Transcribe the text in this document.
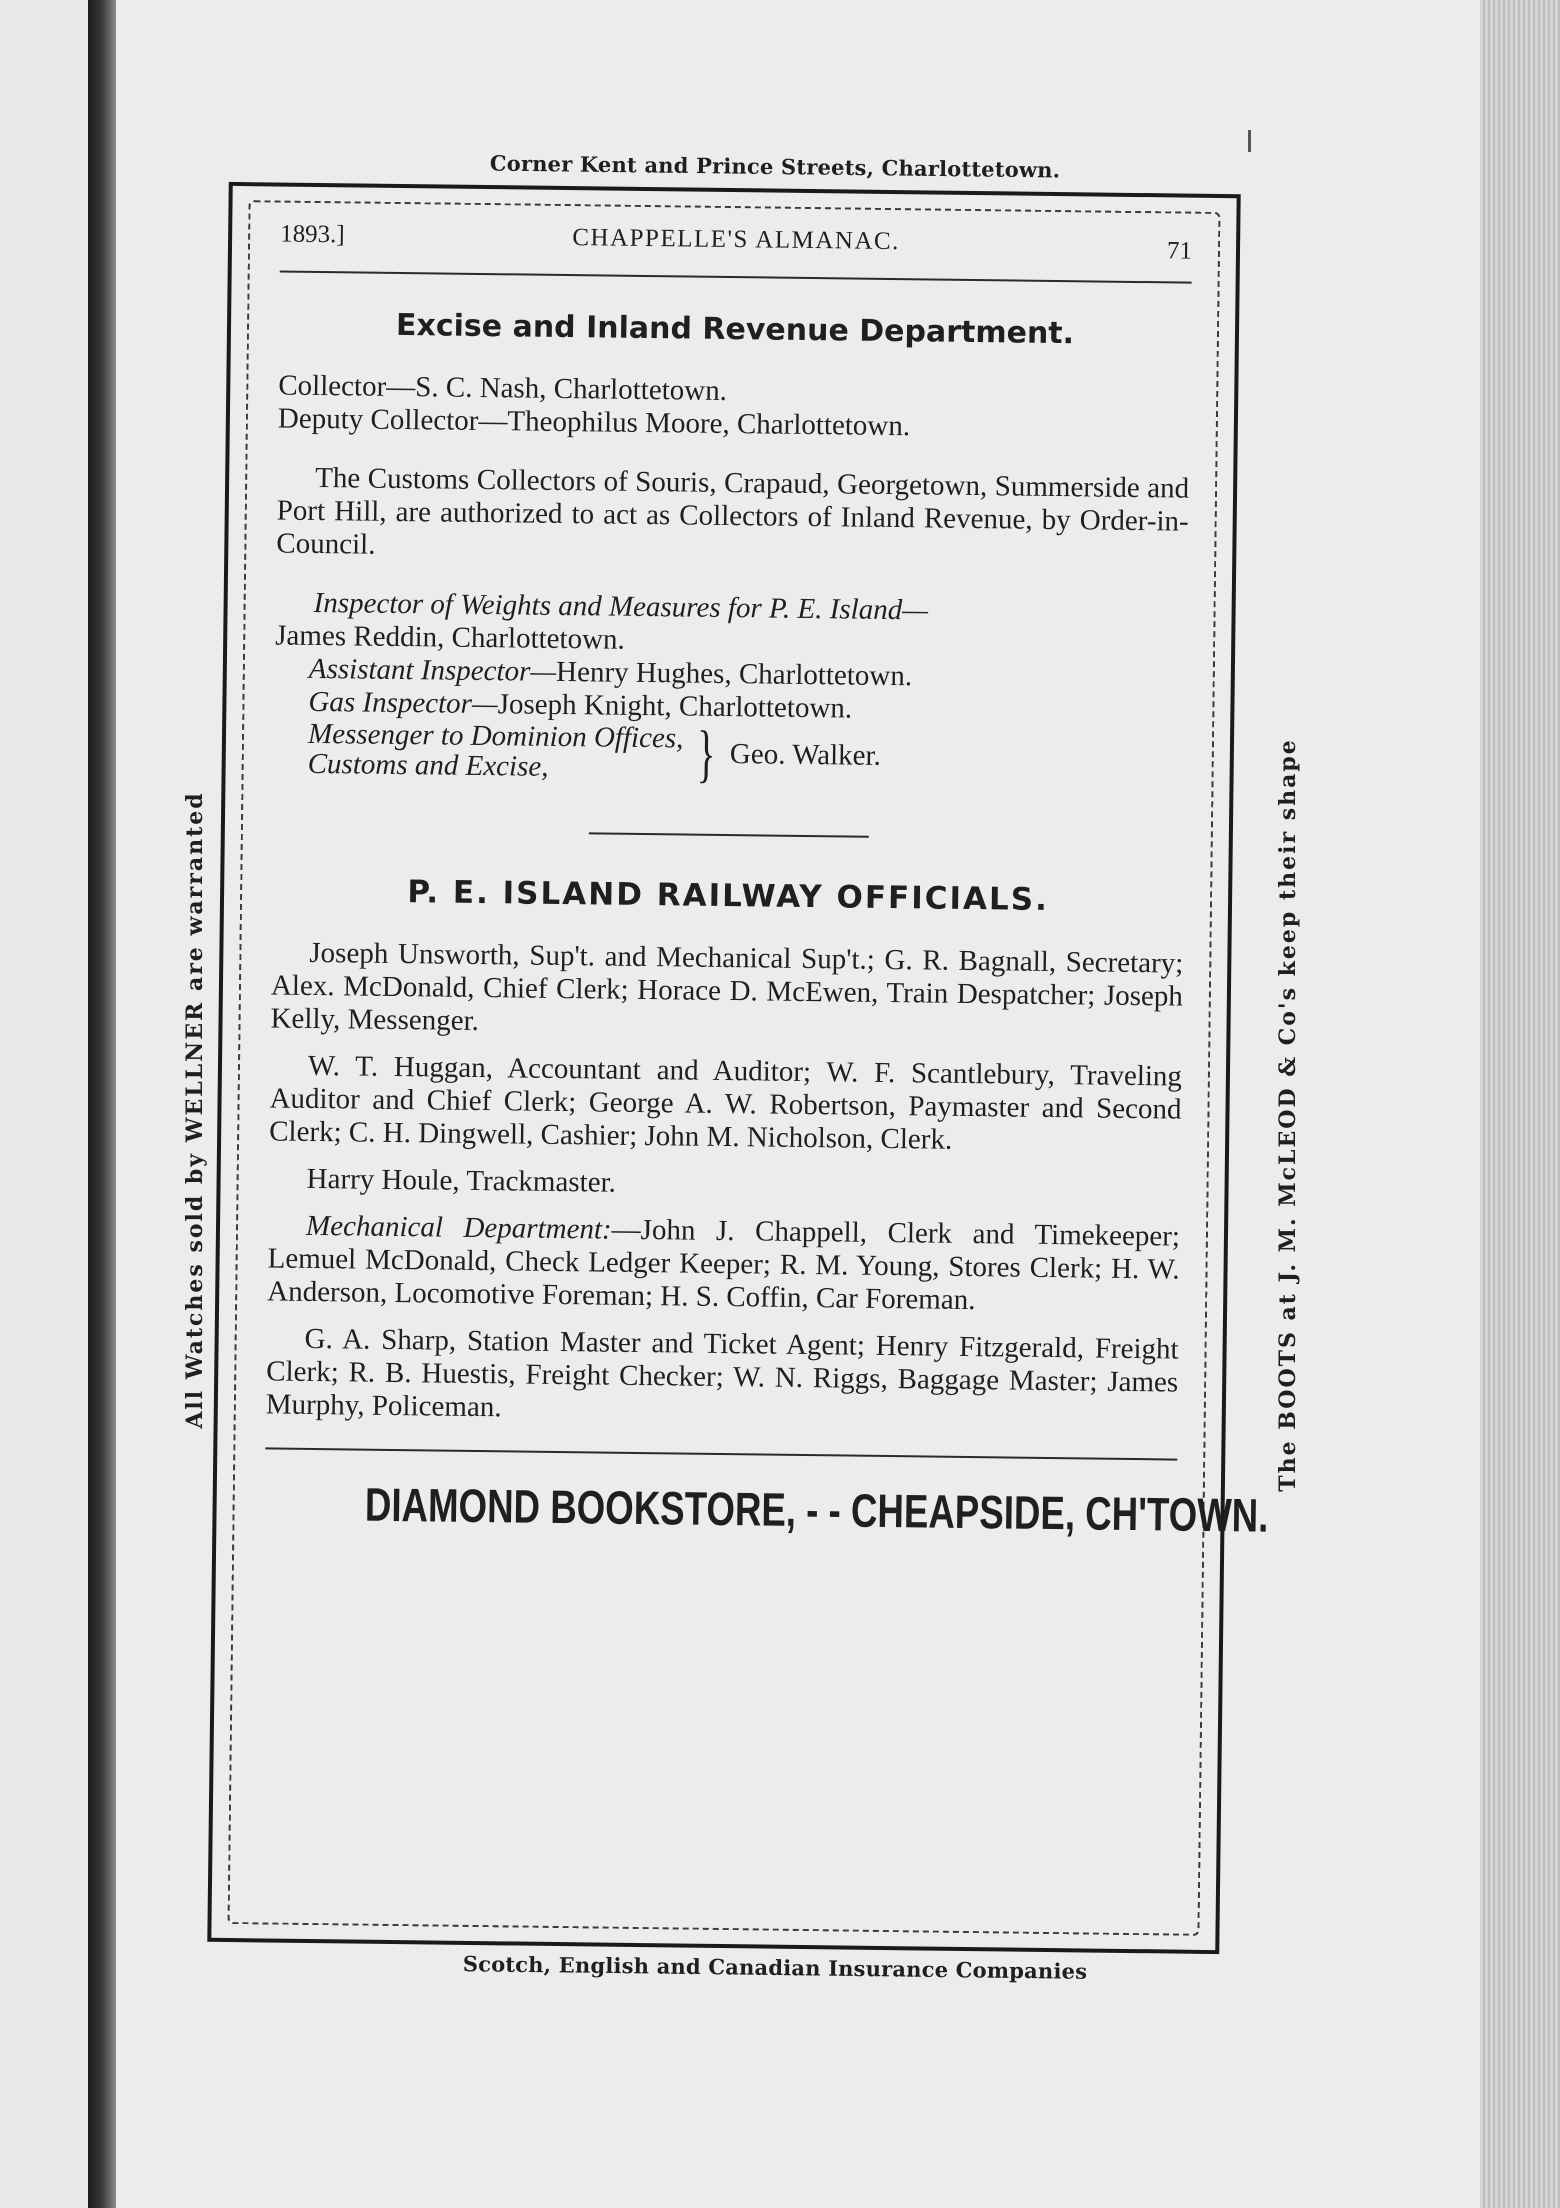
Corner Kent and Prince Streets, Charlottetown.
All Watches sold by WELLNER are warranted	The BOOTS at J. M. McLEOD & Co's keep their shape
1893.]	CHAPPELLE'S ALMANAC.	71
Excise and Inland Revenue Department.

Collector—S. C. Nash, Charlottetown.

Deputy Collector—Theophilus Moore, Charlottetown.

The Customs Collectors of Souris, Crapaud, Georgetown, Summerside and Port Hill, are authorized to act as Collectors of Inland Revenue, by Order-in-Council.

Inspector of Weights and Measures for P. E. Island—

James Reddin, Charlottetown.

Assistant Inspector—Henry Hughes, Charlottetown.

Gas Inspector—Joseph Knight, Charlottetown.

Messenger to Dominion Offices,

Customs and Excise,	} Geo. Walker.
P. E. ISLAND RAILWAY OFFICIALS.

Joseph Unsworth, Sup't. and Mechanical Sup't.; G. R. Bagnall, Secretary; Alex. McDonald, Chief Clerk; Horace D. McEwen, Train Despatcher; Joseph Kelly, Messenger.

W. T. Huggan, Accountant and Auditor; W. F. Scantlebury, Traveling Auditor and Chief Clerk; George A. W. Robertson, Paymaster and Second Clerk; C. H. Dingwell, Cashier; John M. Nicholson, Clerk.

Harry Houle, Trackmaster.

Mechanical Department:—John J. Chappell, Clerk and Timekeeper; Lemuel McDonald, Check Ledger Keeper; R. M. Young, Stores Clerk; H. W. Anderson, Locomotive Foreman; H. S. Coffin, Car Foreman.

G. A. Sharp, Station Master and Ticket Agent; Henry Fitzgerald, Freight Clerk; R. B. Huestis, Freight Checker; W. N. Riggs, Baggage Master; James Murphy, Policeman.

DIAMOND BOOKSTORE, - - CHEAPSIDE, CH'TOWN.
Scotch, English and Canadian Insurance Companies
